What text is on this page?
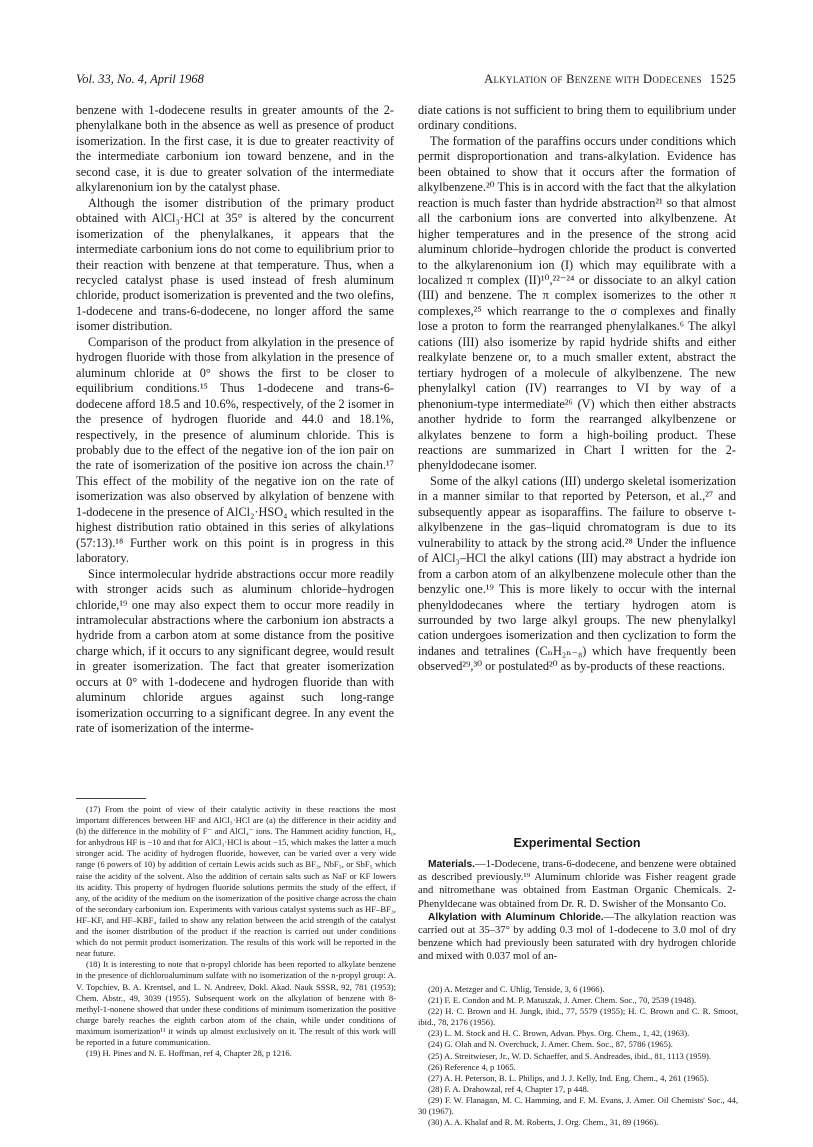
Vol. 33, No. 4, April 1968	Alkylation of Benzene with Dodecenes 1525

benzene with 1-dodecene results in greater amounts of the 2-phenylalkane both in the absence as well as presence of product isomerization. In the first case, it is due to greater reactivity of the intermediate carbonium ion toward benzene, and in the second case, it is due to greater solvation of the intermediate alkylarenonium ion by the catalyst phase.

Although the isomer distribution of the primary product obtained with AlCl₃·HCl at 35° is altered by the concurrent isomerization of the phenylalkanes, it appears that the intermediate carbonium ions do not come to equilibrium prior to their reaction with benzene at that temperature. Thus, when a recycled catalyst phase is used instead of fresh aluminum chloride, product isomerization is prevented and the two olefins, 1-dodecene and trans-6-dodecene, no longer afford the same isomer distribution.

Comparison of the product from alkylation in the presence of hydrogen fluoride with those from alkylation in the presence of aluminum chloride at 0° shows the first to be closer to equilibrium conditions.¹⁵ Thus 1-dodecene and trans-6-dodecene afford 18.5 and 10.6%, respectively, of the 2 isomer in the presence of hydrogen fluoride and 44.0 and 18.1%, respectively, in the presence of aluminum chloride. This is probably due to the effect of the negative ion of the ion pair on the rate of isomerization of the positive ion across the chain.¹⁷ This effect of the mobility of the negative ion on the rate of isomerization was also observed by alkylation of benzene with 1-dodecene in the presence of AlCl₂·HSO₄ which resulted in the highest distribution ratio obtained in this series of alkylations (57:13).¹⁸ Further work on this point is in progress in this laboratory.

Since intermolecular hydride abstractions occur more readily with stronger acids such as aluminum chloride–hydrogen chloride,¹⁹ one may also expect them to occur more readily in intramolecular abstractions where the carbonium ion abstracts a hydride from a carbon atom at some distance from the positive charge which, if it occurs to any significant degree, would result in greater isomerization. The fact that greater isomerization occurs at 0° with 1-dodecene and hydrogen fluoride than with aluminum chloride argues against such long-range isomerization occurring to a significant degree. In any event the rate of isomerization of the interme-

diate cations is not sufficient to bring them to equilibrium under ordinary conditions.

The formation of the paraffins occurs under conditions which permit disproportionation and trans-alkylation. Evidence has been obtained to show that it occurs after the formation of alkylbenzene.²⁰ This is in accord with the fact that the alkylation reaction is much faster than hydride abstraction²¹ so that almost all the carbonium ions are converted into alkylbenzene. At higher temperatures and in the presence of the strong acid aluminum chloride–hydrogen chloride the product is converted to the alkylarenonium ion (I) which may equilibrate with a localized π complex (II)¹⁰,²²⁻²⁴ or dissociate to an alkyl cation (III) and benzene. The π complex isomerizes to the other π complexes,²⁵ which rearrange to the σ complexes and finally lose a proton to form the rearranged phenylalkanes.⁶ The alkyl cations (III) also isomerize by rapid hydride shifts and either realkylate benzene or, to a much smaller extent, abstract the tertiary hydrogen of a molecule of alkylbenzene. The new phenylalkyl cation (IV) rearranges to VI by way of a phenonium-type intermediate²⁶ (V) which then either abstracts another hydride to form the rearranged alkylbenzene or alkylates benzene to form a high-boiling product. These reactions are summarized in Chart I written for the 2-phenyldodecane isomer.

Some of the alkyl cations (III) undergo skeletal isomerization in a manner similar to that reported by Peterson, et al.,²⁷ and subsequently appear as isoparaffins. The failure to observe t-alkylbenzene in the gas–liquid chromatogram is due to its vulnerability to attack by the strong acid.²⁸ Under the influence of AlCl₃–HCl the alkyl cations (III) may abstract a hydride ion from a carbon atom of an alkylbenzene molecule other than the benzylic one.¹⁹ This is more likely to occur with the internal phenyldodecanes where the tertiary hydrogen atom is surrounded by two large alkyl groups. The new phenylalkyl cation undergoes isomerization and then cyclization to form the indanes and tetralines (CₙH₂ₙ₋₈) which have frequently been observed²⁹,³⁰ or postulated²⁰ as by-products of these reactions.

(17) From the point of view of their catalytic activity in these reactions the most important differences between HF and AlCl₃·HCl are (a) the difference in their acidity and (b) the difference in the mobility of F⁻ and AlCl₄⁻ ions. The Hammett acidity function, H₀, for anhydrous HF is −10 and that for AlCl₃·HCl is about −15, which makes the latter a much stronger acid. The acidity of hydrogen fluoride, however, can be varied over a very wide range (6 powers of 10) by addition of certain Lewis acids such as BF₃, NbF₅, or SbF₅ which raise the acidity of the solvent. Also the addition of certain salts such as NaF or KF lowers its acidity. This property of hydrogen fluoride solutions permits the study of the effect, if any, of the acidity of the medium on the isomerization of the positive charge across the chain of the secondary carbonium ion. Experiments with various catalyst systems such as HF–BF₃, HF–KF, and HF–KBF₄ failed to show any relation between the acid strength of the catalyst and the isomer distribution of the product if the reaction is carried out under conditions which do not permit product isomerization. The results of this work will be reported in the near future.

(18) It is interesting to note that n-propyl chloride has been reported to alkylate benzene in the presence of dichloroaluminum sulfate with no isomerization of the n-propyl group: A. V. Topchiev, B. A. Krentsel, and L. N. Andreev, Dokl. Akad. Nauk SSSR, 92, 781 (1953); Chem. Abstr., 49, 3039 (1955). Subsequent work on the alkylation of benzene with 8-methyl-1-nonene showed that under these conditions of minimum isomerization the positive charge barely reaches the eighth carbon atom of the chain, while under conditions of maximum isomerization¹¹ it winds up almost exclusively on it. The result of this work will be reported in a future communication.

(19) H. Pines and N. E. Hoffman, ref 4, Chapter 28, p 1216.

Experimental Section

Materials.—1-Dodecene, trans-6-dodecene, and benzene were obtained as described previously.¹⁹ Aluminum chloride was Fisher reagent grade and nitromethane was obtained from Eastman Organic Chemicals. 2-Phenyldecane was obtained from Dr. R. D. Swisher of the Monsanto Co.

Alkylation with Aluminum Chloride.—The alkylation reaction was carried out at 35–37° by adding 0.3 mol of 1-dodecene to 3.0 mol of dry benzene which had previously been saturated with dry hydrogen chloride and mixed with 0.037 mol of an-

(20) A. Metzger and C. Uhlig, Tenside, 3, 6 (1966).

(21) F. E. Condon and M. P. Matuszak, J. Amer. Chem. Soc., 70, 2539 (1948).

(22) H. C. Brown and H. Jungk, ibid., 77, 5579 (1955); H. C. Brown and C. R. Smoot, ibid., 78, 2176 (1956).

(23) L. M. Stock and H. C. Brown, Advan. Phys. Org. Chem., 1, 42, (1963).

(24) G. Olah and N. Overchuck, J. Amer. Chem. Soc., 87, 5786 (1965).

(25) A. Streitwieser, Jr., W. D. Schaeffer, and S. Andreades, ibid., 81, 1113 (1959).

(26) Reference 4, p 1065.

(27) A. H. Peterson, B. L. Philips, and J. J. Kelly, Ind. Eng. Chem., 4, 261 (1965).

(28) F. A. Drahowzal, ref 4, Chapter 17, p 448.

(29) F. W. Flanagan, M. C. Hamming, and F. M. Evans, J. Amer. Oil Chemists' Soc., 44, 30 (1967).

(30) A. A. Khalaf and R. M. Roberts, J. Org. Chem., 31, 89 (1966).
